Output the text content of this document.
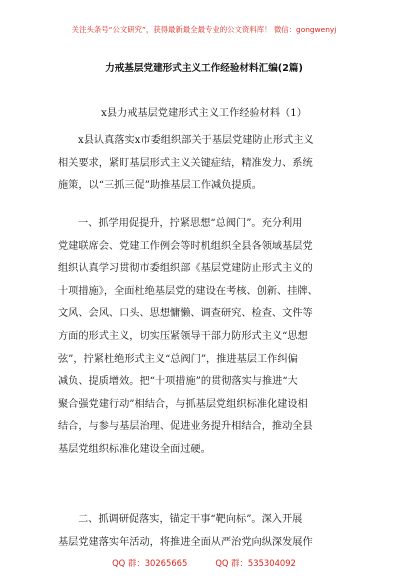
关注头条号“公文研究”，获得最新最全最专业的公文资料库！ 微信：gongwenyj
力戒基层党建形式主义工作经验材料汇编(2篇)
x县力戒基层党建形式主义工作经验材料（1）
x县认真落实x市委组织部关于基层党建防止形式主义
相关要求，紧盯基层形式主义关键症结，精准发力、系统
施策，以“三抓三促”助推基层工作减负提质。
一、抓学用促提升，拧紧思想“总阀门”。充分利用
党建联席会、党建工作例会等时机组织全县各领域基层党
组织认真学习贯彻市委组织部《基层党建防止形式主义的
十项措施》，全面杜绝基层党的建设在考核、创新、挂牌、
文风、会风、口头、思想慵懒、调查研究、检查、文件等
方面的形式主义，切实压紧领导干部力防形式主义“思想
弦”，拧紧杜绝形式主义“总阀门”，推进基层工作纠偏
减负、提质增效。把“十项措施”的贯彻落实与推进“大
聚合强党建行动”相结合，与抓基层党组织标准化建设相
结合，与参与基层治理、促进业务提升相结合，推动全县
基层党组织标准化建设全面过硬。
二、抓调研促落实，锚定干事“靶向标”。深入开展
基层党建落实年活动，将推进全面从严治党向纵深发展作
QQ 群：30265665	QQ 群：535304092
